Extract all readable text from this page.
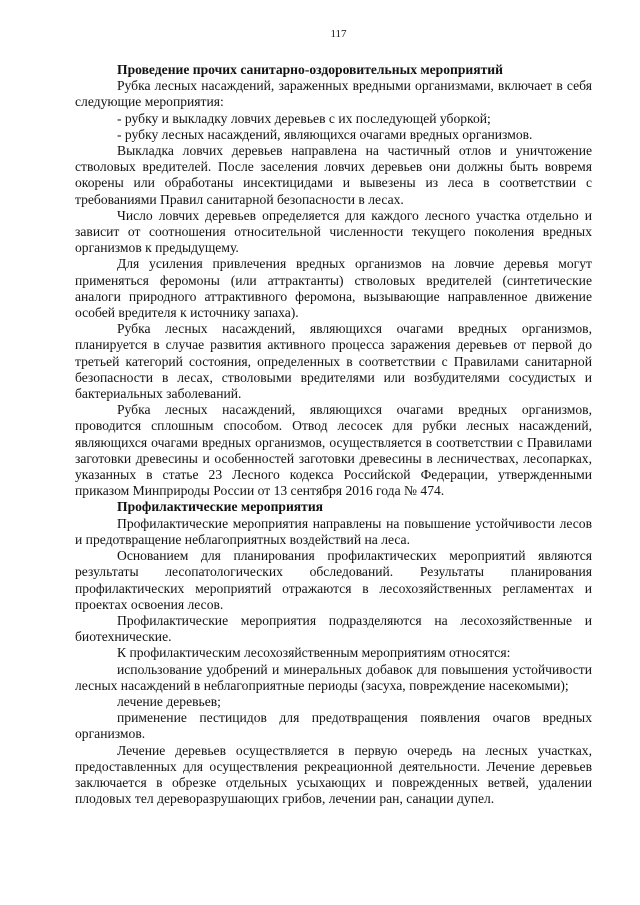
117

Проведение прочих санитарно-оздоровительных мероприятий

Рубка лесных насаждений, зараженных вредными организмами, включает в себя следующие мероприятия:

- рубку и выкладку ловчих деревьев с их последующей уборкой;

- рубку лесных насаждений, являющихся очагами вредных организмов.

Выкладка ловчих деревьев направлена на частичный отлов и уничтожение стволовых вредителей. После заселения ловчих деревьев они должны быть вовремя окорены или обработаны инсектицидами и вывезены из леса в соответствии с требованиями Правил санитарной безопасности в лесах.

Число ловчих деревьев определяется для каждого лесного участка отдельно и зависит от соотношения относительной численности текущего поколения вредных организмов к предыдущему.

Для усиления привлечения вредных организмов на ловчие деревья могут применяться феромоны (или аттрактанты) стволовых вредителей (синтетические аналоги природного аттрактивного феромона, вызывающие направленное движение особей вредителя к источнику запаха).

Рубка лесных насаждений, являющихся очагами вредных организмов, планируется в случае развития активного процесса заражения деревьев от первой до третьей категорий состояния, определенных в соответствии с Правилами санитарной безопасности в лесах, стволовыми вредителями или возбудителями сосудистых и бактериальных заболеваний.

Рубка лесных насаждений, являющихся очагами вредных организмов, проводится сплошным способом. Отвод лесосек для рубки лесных насаждений, являющихся очагами вредных организмов, осуществляется в соответствии с Правилами заготовки древесины и особенностей заготовки древесины в лесничествах, лесопарках, указанных в статье 23 Лесного кодекса Российской Федерации, утвержденными приказом Минприроды России от 13 сентября 2016 года № 474.

Профилактические мероприятия

Профилактические мероприятия направлены на повышение устойчивости лесов и предотвращение неблагоприятных воздействий на леса.

Основанием для планирования профилактических мероприятий являются результаты лесопатологических обследований. Результаты планирования профилактических мероприятий отражаются в лесохозяйственных регламентах и проектах освоения лесов.

Профилактические мероприятия подразделяются на лесохозяйственные и биотехнические.

К профилактическим лесохозяйственным мероприятиям относятся:

использование удобрений и минеральных добавок для повышения устойчивости лесных насаждений в неблагоприятные периоды (засуха, повреждение насекомыми);

лечение деревьев;

применение пестицидов для предотвращения появления очагов вредных организмов.

Лечение деревьев осуществляется в первую очередь на лесных участках, предоставленных для осуществления рекреационной деятельности. Лечение деревьев заключается в обрезке отдельных усыхающих и поврежденных ветвей, удалении плодовых тел дереворазрушающих грибов, лечении ран, санации дупел.
